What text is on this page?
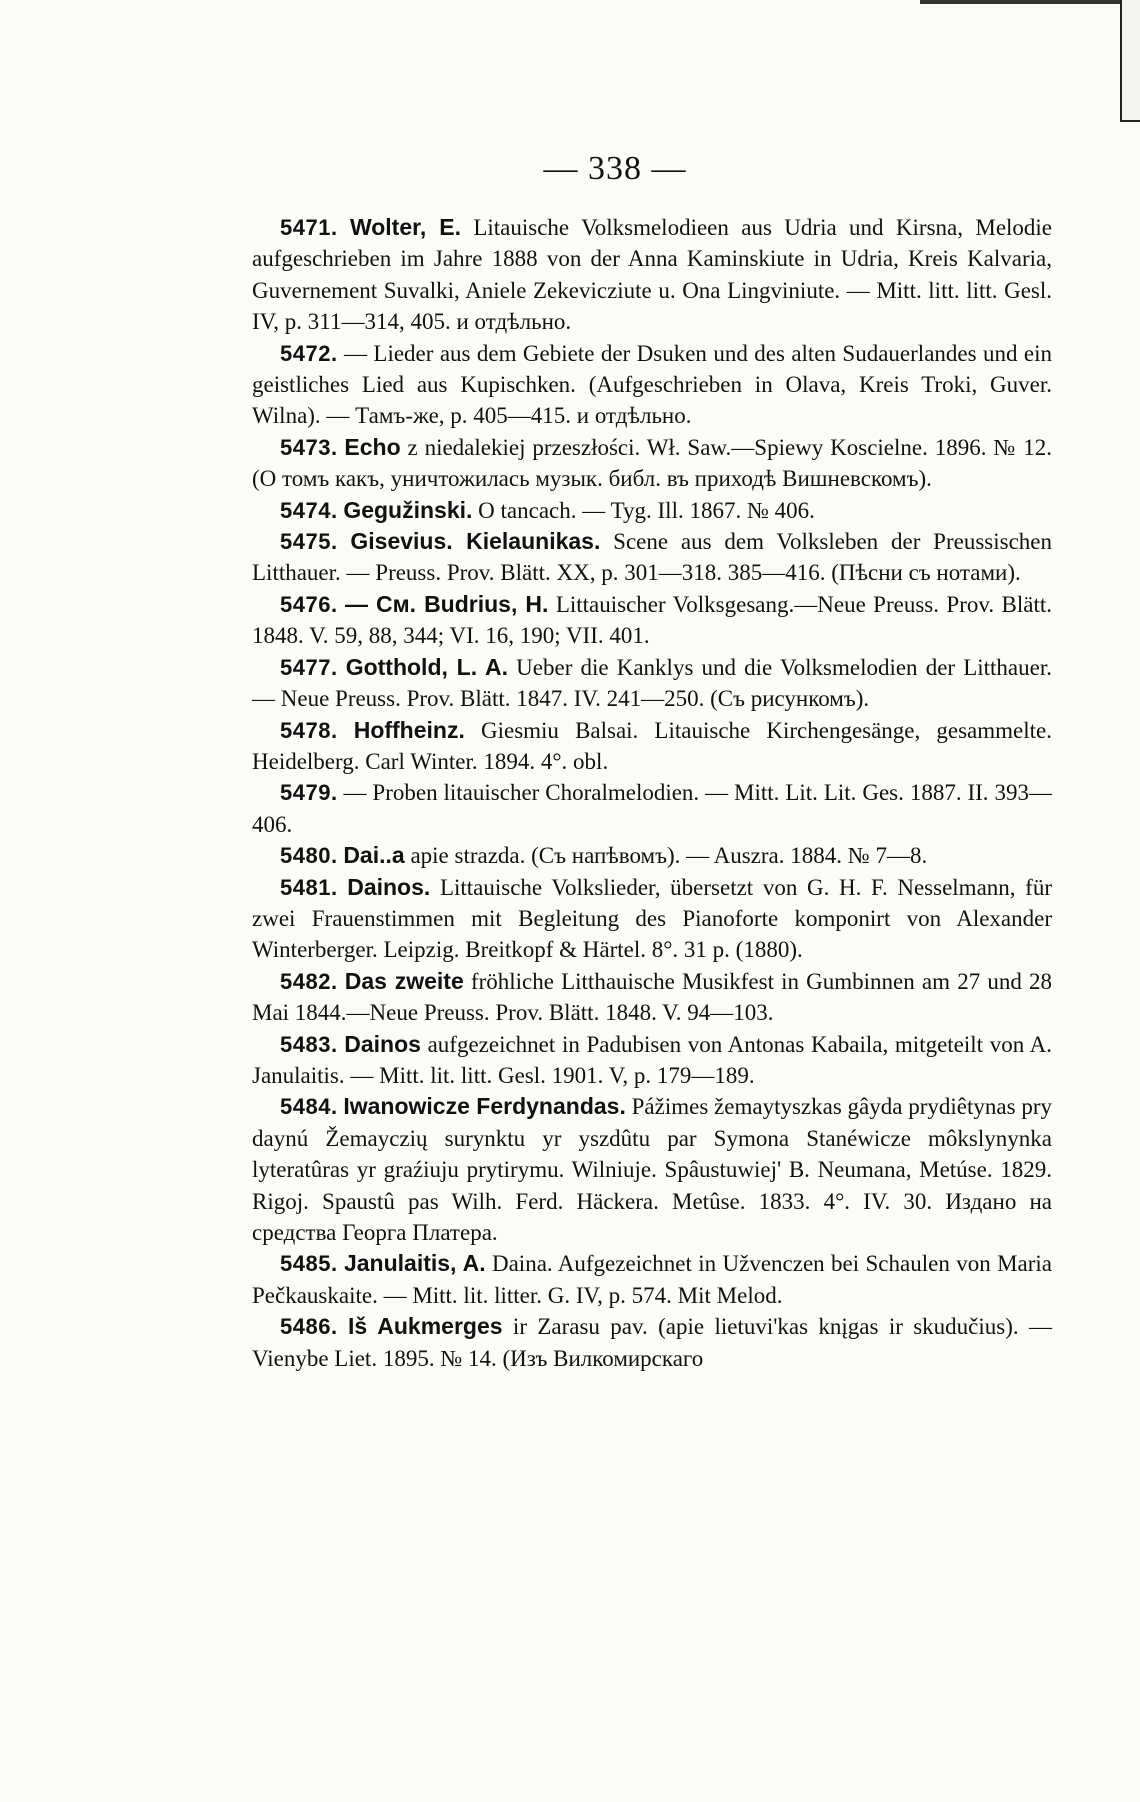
— 338 —

5471. Wolter, E. Litauische Volksmelodieen aus Udria und Kirsna, Melodie aufgeschrieben im Jahre 1888 von der Anna Kaminskiute in Udria, Kreis Kalvaria, Guvernement Suvalki, Aniele Zekevicziute u. Ona Lingviniute. — Mitt. litt. litt. Gesl. IV, p. 311—314, 405. и отдѣльно.

5472. — Lieder aus dem Gebiete der Dsuken und des alten Sudauerlandes und ein geistliches Lied aus Kupischken. (Aufgeschrieben in Olava, Kreis Troki, Guver. Wilna). — Тамъ-же, p. 405—415. и отдѣльно.

5473. Echo z niedalekiej przeszłości. Wł. Saw.—Spiewy Koscielne. 1896. № 12. (О томъ какъ, уничтожилась музык. библ. въ приходѣ Вишневскомъ).

5474. Gegužinski. O tancach. — Tyg. Ill. 1867. № 406.

5475. Gisevius. Kielaunikas. Scene aus dem Volksleben der Preussischen Litthauer. — Preuss. Prov. Blätt. XX, p. 301—318. 385—416. (Пѣсни съ нотами).

5476. — См. Budrius, H. Littauischer Volksgesang.—Neue Preuss. Prov. Blätt. 1848. V. 59, 88, 344; VI. 16, 190; VII. 401.

5477. Gotthold, L. A. Ueber die Kanklys und die Volksmelodien der Litthauer. — Neue Preuss. Prov. Blätt. 1847. IV. 241—250. (Съ рисункомъ).

5478. Hoffheinz. Giesmiu Balsai. Litauische Kirchengesänge, gesammelte. Heidelberg. Carl Winter. 1894. 4°. obl.

5479. — Proben litauischer Choralmelodien. — Mitt. Lit. Lit. Ges. 1887. II. 393—406.

5480. Dai..a apie strazda. (Съ напѣвомъ). — Auszra. 1884. № 7—8.

5481. Dainos. Littauische Volkslieder, übersetzt von G. H. F. Nesselmann, für zwei Frauenstimmen mit Begleitung des Pianoforte komponirt von Alexander Winterberger. Leipzig. Breitkopf & Härtel. 8°. 31 p. (1880).

5482. Das zweite fröhliche Litthauische Musikfest in Gumbinnen am 27 und 28 Mai 1844.—Neue Preuss. Prov. Blätt. 1848. V. 94—103.

5483. Dainos aufgezeichnet in Padubisen von Antonas Kabaila, mitgeteilt von A. Janulaitis. — Mitt. lit. litt. Gesl. 1901. V, p. 179—189.

5484. Iwanowicze Ferdynandas. Pážimes žemaytyszkas gâyda prydiêtynas pry daynú Žemayczių surynktu yr yszdûtu par Symona Stanéwicze môkslynynka lyteratûras yr graźiuju prytirymu. Wilniuje. Spâustuwiej' B. Neumana, Metúse. 1829. Rigoj. Spaustû pas Wilh. Ferd. Häckera. Metûse. 1833. 4°. IV. 30. Издано на средства Георга Платера.

5485. Janulaitis, A. Daina. Aufgezeichnet in Užvenczen bei Schaulen von Maria Pečkauskaite. — Mitt. lit. litter. G. IV, p. 574. Mit Melod.

5486. Iš Aukmerges ir Zarasu pav. (apie lietuvi'kas knįgas ir skudučius). — Vienybe Liet. 1895. № 14. (Изъ Вилкомирскаго
